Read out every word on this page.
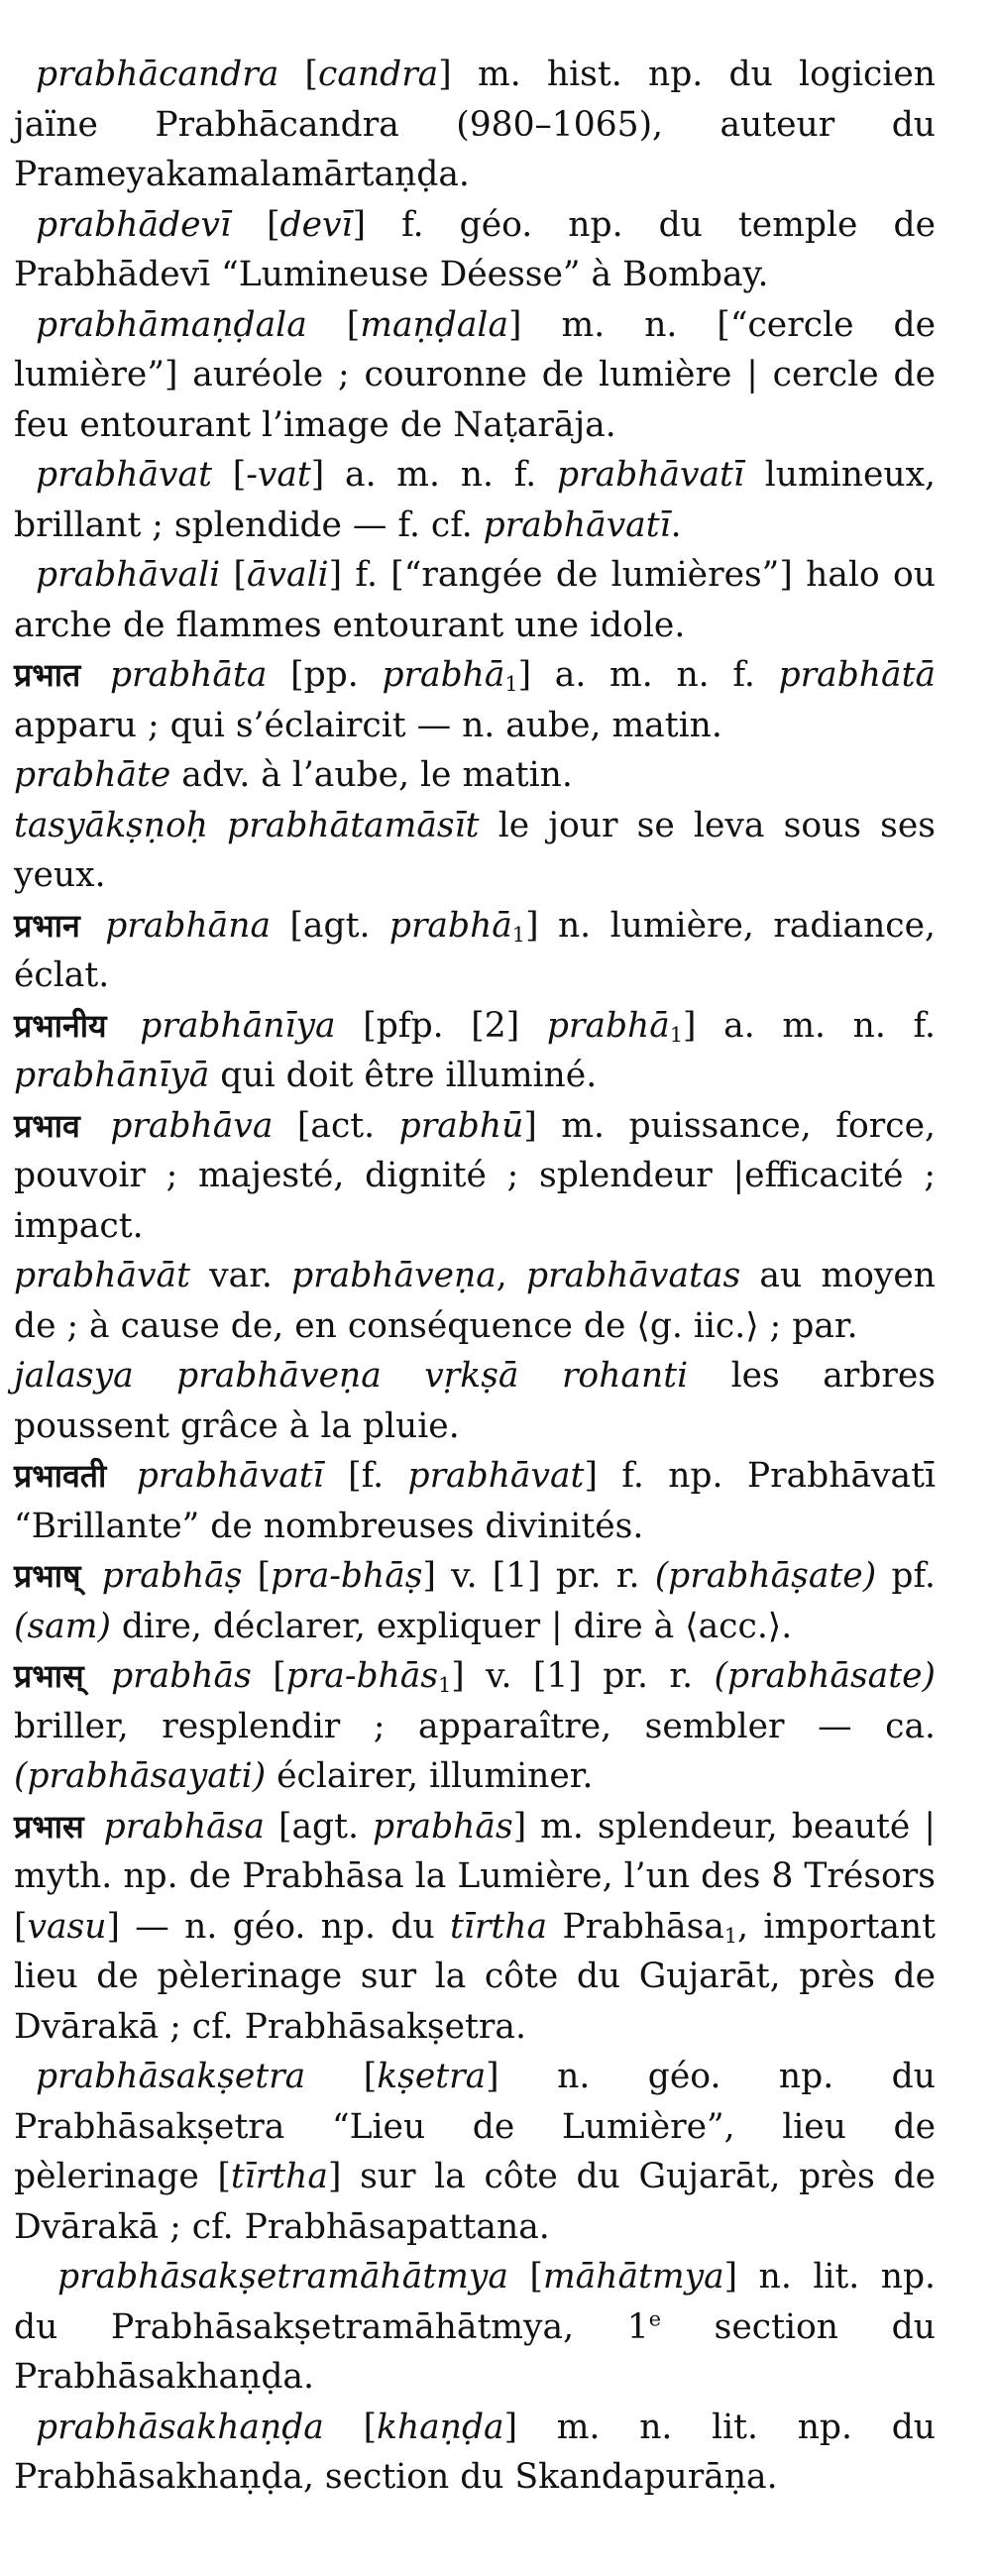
prabhācandra [candra] m. hist. np. du logicien jaïne Prabhācandra (980–1065), auteur du Prameyakamalamārtaṇḍa.

prabhādevī [devī] f. géo. np. du temple de Prabhādevī “Lumineuse Déesse” à Bombay.

prabhāmaṇḍala [maṇḍala] m. n. [“cercle de lumière”] auréole ; couronne de lumière | cercle de feu entourant l’image de Naṭarāja.

prabhāvat [-vat] a. m. n. f. prabhāvatī lumineux, brillant ; splendide — f. cf. prabhāvatī.

prabhāvali [āvali] f. [“rangée de lumières”] halo ou arche de flammes entourant une idole.

प्रभात prabhāta [pp. prabhā$_1$] a. m. n. f. prabhātā apparu ; qui s’éclaircit — n. aube, matin.

prabhāte adv. à l’aube, le matin.

tasyākṣṇoḥ prabhātamāsīt le jour se leva sous ses yeux.

प्रभान prabhāna [agt. prabhā$_1$] n. lumière, radiance, éclat.

प्रभानीय prabhānīya [pfp. [2] prabhā$_1$] a. m. n. f. prabhānīyā qui doit être illuminé.

प्रभाव prabhāva [act. prabhū] m. puissance, force, pouvoir ; majesté, dignité ; splendeur |efficacité ; impact.

prabhāvāt var. prabhāveṇa, prabhāvatas au moyen de ; à cause de, en conséquence de ⟨g. iic.⟩ ; par.

jalasya prabhāveṇa vṛkṣā rohanti les arbres poussent grâce à la pluie.

प्रभावती prabhāvatī [f. prabhāvat] f. np. Prabhāvatī “Brillante” de nombreuses divinités.

प्रभाष् prabhāṣ [pra-bhāṣ] v. [1] pr. r. (prabhāṣate) pf. (sam) dire, déclarer, expliquer | dire à ⟨acc.⟩.

प्रभास् prabhās [pra-bhās$_1$] v. [1] pr. r. (prabhāsate) briller, resplendir ; apparaître, sembler — ca. (prabhāsayati) éclairer, illuminer.

प्रभास prabhāsa [agt. prabhās] m. splendeur, beauté | myth. np. de Prabhāsa la Lumière, l’un des 8 Trésors [vasu] — n. géo. np. du tīrtha Prabhāsa$_1$, important lieu de pèlerinage sur la côte du Gujarāt, près de Dvārakā ; cf. Prabhāsakṣetra.

prabhāsakṣetra [kṣetra] n. géo. np. du Prabhāsakṣetra “Lieu de Lumière”, lieu de pèlerinage [tīrtha] sur la côte du Gujarāt, près de Dvārakā ; cf. Prabhāsapattana.

prabhāsakṣetramāhātmya [māhātmya] n. lit. np. du Prabhāsakṣetramāhātmya, 1e section du Prabhāsakhaṇḍa.

prabhāsakhaṇḍa [khaṇḍa] m. n. lit. np. du Prabhāsakhaṇḍa, section du Skandapurāṇa.
